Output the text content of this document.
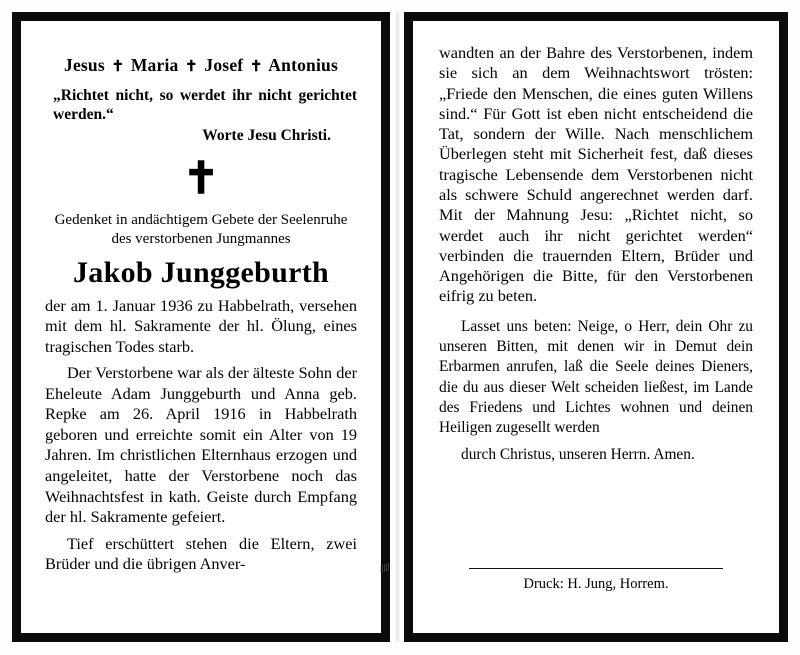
Jesus ✝ Maria ✝ Josef ✝ Antonius
„Richtet nicht, so werdet ihr nicht gerichtet werden.“
Worte Jesu Christi.
✝
Gedenket in andächtigem Gebete der Seelenruhe des verstorbenen Jungmannes
Jakob Junggeburth

der am 1. Januar 1936 zu Habbelrath, versehen mit dem hl. Sakramente der hl. Ölung, eines tragischen Todes starb.

Der Verstorbene war als der älteste Sohn der Eheleute Adam Junggeburth und Anna geb. Repke am 26. April 1916 in Habbelrath geboren und erreichte somit ein Alter von 19 Jahren. Im christlichen Elternhaus erzogen und angeleitet, hatte der Verstorbene noch das Weihnachtsfest in kath. Geiste durch Empfang der hl. Sakramente gefeiert.

Tief erschüttert stehen die Eltern, zwei Brüder und die übrigen Anver-	/////

wandten an der Bahre des Verstorbenen, indem sie sich an dem Weihnachtswort trösten: „Friede den Menschen, die eines guten Willens sind.“ Für Gott ist eben nicht entscheidend die Tat, sondern der Wille. Nach menschlichem Überlegen steht mit Sicherheit fest, daß dieses tragische Lebensende dem Verstorbenen nicht als schwere Schuld angerechnet werden darf. Mit der Mahnung Jesu: „Richtet nicht, so werdet auch ihr nicht gerichtet werden“ verbinden die trauernden Eltern, Brüder und Angehörigen die Bitte, für den Verstorbenen eifrig zu beten.

Lasset uns beten: Neige, o Herr, dein Ohr zu unseren Bitten, mit denen wir in Demut dein Erbarmen anrufen, laß die Seele deines Dieners, die du aus dieser Welt scheiden ließest, im Lande des Friedens und Lichtes wohnen und deinen Heiligen zugesellt werden

durch Christus, unseren Herrn. Amen.

Druck: H. Jung, Horrem.
